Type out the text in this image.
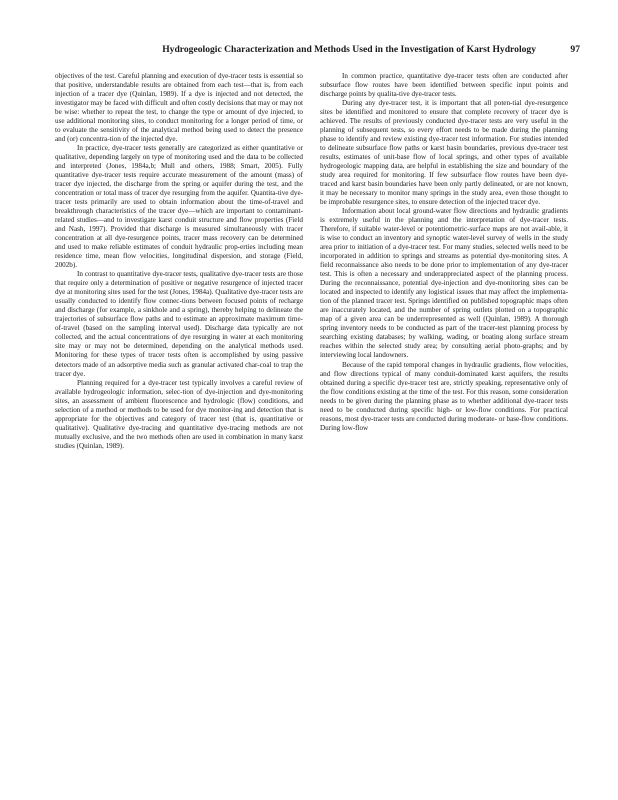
Hydrogeologic Characterization and Methods Used in the Investigation of Karst Hydrology	97

objectives of the test. Careful planning and execution of dye-tracer tests is essential so that positive, understandable results are obtained from each test—that is, from each injection of a tracer dye (Quinlan, 1989). If a dye is injected and not detected, the investigator may be faced with difficult and often costly decisions that may or may not be wise: whether to repeat the test, to change the type or amount of dye injected, to use additional monitoring sites, to conduct monitoring for a longer period of time, or to evaluate the sensitivity of the analytical method being used to detect the presence and (or) concentra-tion of the injected dye.

In practice, dye-tracer tests generally are categorized as either quantitative or qualitative, depending largely on type of monitoring used and the data to be collected and interpreted (Jones, 1984a,b; Mull and others, 1988; Smart, 2005). Fully quantitative dye-tracer tests require accurate measurement of the amount (mass) of tracer dye injected, the discharge from the spring or aquifer during the test, and the concentration or total mass of tracer dye resurging from the aquifer. Quantita-tive dye-tracer tests primarily are used to obtain information about the time-of-travel and breakthrough characteristics of the tracer dye—which are important to contaminant-related studies—and to investigate karst conduit structure and flow properties (Field and Nash, 1997). Provided that discharge is measured simultaneously with tracer concentration at all dye-resurgence points, tracer mass recovery can be determined and used to make reliable estimates of conduit hydraulic prop-erties including mean residence time, mean flow velocities, longitudinal dispersion, and storage (Field, 2002b).

In contrast to quantitative dye-tracer tests, qualitative dye-tracer tests are those that require only a determination of positive or negative resurgence of injected tracer dye at monitoring sites used for the test (Jones, 1984a). Qualitative dye-tracer tests are usually conducted to identify flow connec-tions between focused points of recharge and discharge (for example, a sinkhole and a spring), thereby helping to delineate the trajectories of subsurface flow paths and to estimate an approximate maximum time-of-travel (based on the sampling interval used). Discharge data typically are not collected, and the actual concentrations of dye resurging in water at each monitoring site may or may not be determined, depending on the analytical methods used. Monitoring for these types of tracer tests often is accomplished by using passive detectors made of an adsorptive media such as granular activated char-coal to trap the tracer dye.

Planning required for a dye-tracer test typically involves a careful review of available hydrogeologic information, selec-tion of dye-injection and dye-monitoring sites, an assessment of ambient fluorescence and hydrologic (flow) conditions, and selection of a method or methods to be used for dye monitor-ing and detection that is appropriate for the objectives and category of tracer test (that is, quantitative or qualitative). Qualitative dye-tracing and quantitative dye-tracing methods are not mutually exclusive, and the two methods often are used in combination in many karst studies (Quinlan, 1989).

In common practice, quantitative dye-tracer tests often are conducted after subsurface flow routes have been identified between specific input points and discharge points by qualita-tive dye-tracer tests.

During any dye-tracer test, it is important that all poten-tial dye-resurgence sites be identified and monitored to ensure that complete recovery of tracer dye is achieved. The results of previously conducted dye-tracer tests are very useful in the planning of subsequent tests, so every effort needs to be made during the planning phase to identify and review existing dye-tracer test information. For studies intended to delineate subsurface flow paths or karst basin boundaries, previous dye-tracer test results, estimates of unit-base flow of local springs, and other types of available hydrogeologic mapping data, are helpful in establishing the size and boundary of the study area required for monitoring. If few subsurface flow routes have been dye-traced and karst basin boundaries have been only partly delineated, or are not known, it may be necessary to monitor many springs in the study area, even those thought to be improbable resurgence sites, to ensure detection of the injected tracer dye.

Information about local ground-water flow directions and hydraulic gradients is extremely useful in the planning and the interpretation of dye-tracer tests. Therefore, if suitable water-level or potentiometric-surface maps are not avail-able, it is wise to conduct an inventory and synoptic water-level survey of wells in the study area prior to initiation of a dye-tracer test. For many studies, selected wells need to be incorporated in addition to springs and streams as potential dye-monitoring sites. A field reconnaissance also needs to be done prior to implementation of any dye-tracer test. This is often a necessary and underappreciated aspect of the planning process. During the reconnaissance, potential dye-injection and dye-monitoring sites can be located and inspected to identify any logistical issues that may affect the implementa-tion of the planned tracer test. Springs identified on published topographic maps often are inaccurately located, and the number of spring outlets plotted on a topographic map of a given area can be underrepresented as well (Quinlan, 1989). A thorough spring inventory needs to be conducted as part of the tracer-test planning process by searching existing databases; by walking, wading, or boating along surface stream reaches within the selected study area; by consulting aerial photo-graphs; and by interviewing local landowners.

Because of the rapid temporal changes in hydraulic gradients, flow velocities, and flow directions typical of many conduit-dominated karst aquifers, the results obtained during a specific dye-tracer test are, strictly speaking, representative only of the flow conditions existing at the time of the test. For this reason, some consideration needs to be given during the planning phase as to whether additional dye-tracer tests need to be conducted during specific high- or low-flow conditions. For practical reasons, most dye-tracer tests are conducted during moderate- or base-flow conditions. During low-flow
